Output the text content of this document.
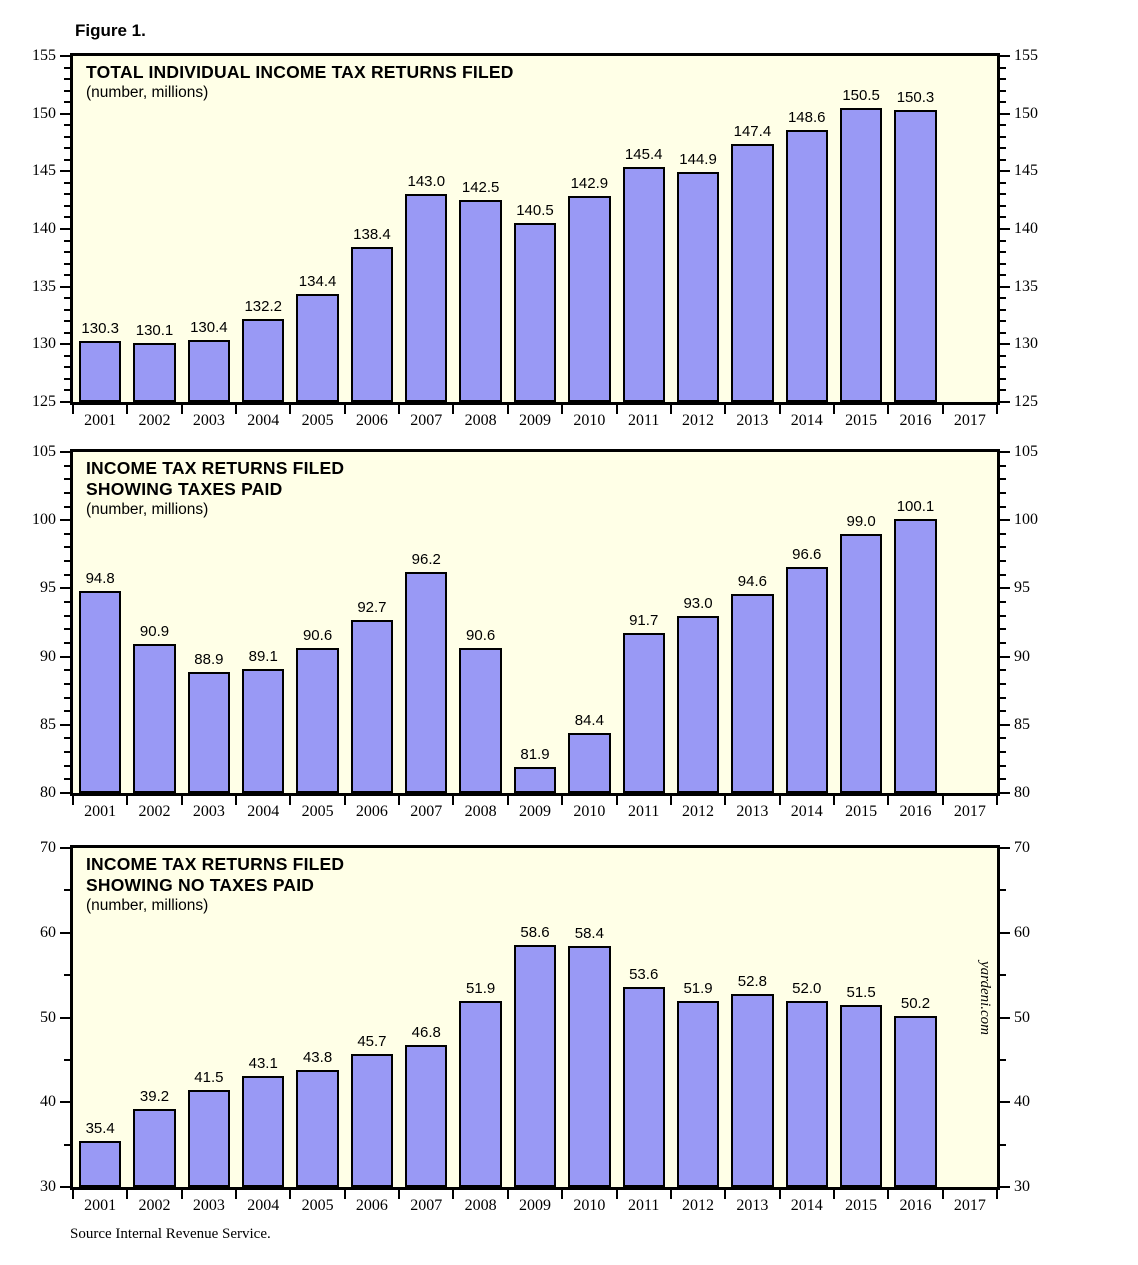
Figure 1.
TOTAL INDIVIDUAL INCOME TAX RETURNS FILED
(number, millions)
INCOME TAX RETURNS FILED
SHOWING TAXES PAID
(number, millions)
INCOME TAX RETURNS FILED
SHOWING NO TAXES PAID
(number, millions)
yardeni.com
Source Internal Revenue Service.
125	125
130	130
135	135
140	140
145	145
150	150
155	155
2001	2002	2003	2004	2005	2006	2007	2008	2009	2010	2011	2012	2013	2014	2015	2016	2017
130.3	130.1	130.4
132.2
134.4
138.4
143.0	142.5
140.5
142.9
145.4	144.9
147.4
148.6
150.5	150.3
80	80
85	85
90	90
95	95
100	100
105	105
2001	2002	2003	2004	2005	2006	2007	2008	2009	2010	2011	2012	2013	2014	2015	2016	2017
94.8
90.9
88.9	89.1
90.6
92.7
96.2
90.6
81.9
84.4
91.7
93.0
94.6
96.6
99.0
100.1
30	30
40	40
50	50
60	60
70	70
2001	2002	2003	2004	2005	2006	2007	2008	2009	2010	2011	2012	2013	2014	2015	2016	2017
35.4
39.2
41.5
43.1	43.8
45.7
46.8
51.9
58.6	58.4
53.6
51.9	52.8	52.0	51.5
50.2
